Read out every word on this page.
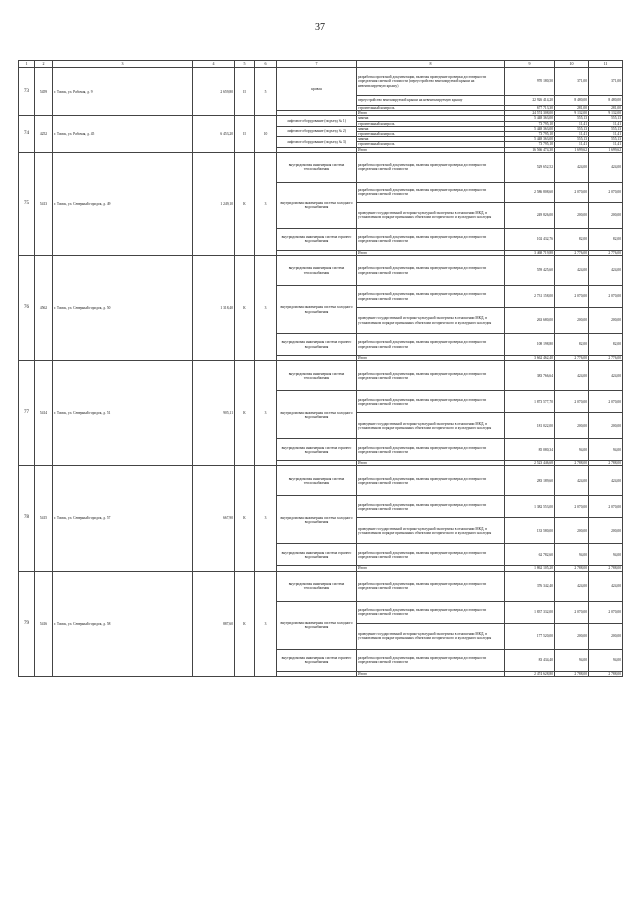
37
1	2	3	4	5	6	7	8	9	10	11
73	5459	г. Томск, ул. Рабочая, д. 9	2 659,80	II	5	кровля	разработка проектной документации, включая проведение проверки достоверности определения сметной стоимости (переустройство вентилируемой крыши на невентилируемую крышу)	970 180,50	371,00	371,00
							переустройство вентилируемой крыши на невентилируемую крышу	22 926 414,20	8 480,00	8 480,00
							строительный контроль	677 713,30	281,00	281,00
							Итого	24 574 308,00	9 132,00	9 132,00
74	4252	г. Томск, ул. Рабочая, д. 45	6 453,20	II	10	лифтовое оборудование (подъезд № 1)	замена	5 448 363,00	555,13	555,13
							строительный контроль	73 795,10	11,41	11,41
						лифтовое оборудование (подъезд № 2)	замена	5 448 363,00	555,13	555,13
							строительный контроль	73 795,10	11,41	11,41
						лифтовое оборудование (подъезд № 3)	замена	5 448 363,00	555,13	555,13
							строительный контроль	73 795,10	11,41	11,41
							Итого	16 566 474,30	1 699,62	1 699,62
75	5413	г. Томск, ул. Северный городок, д. 49	1 249,10	К	3	внутридомовая инженерная система теплоснабжения	разработка проектной документации, включая проведение проверки достоверности определения сметной стоимости	529 652,52	424,00	424,00
						внутридомовая инженерная система холодного водоснабжения	разработка проектной документации, включая проведение проверки достоверности определения сметной стоимости	2 586 808,60	2 070,00	2 070,00
							проведение государственной историко-культурной экспертизы в отношении МКД, в установленном порядке признанных объектами исторического и культурного наследия	249 826,00	200,00	200,00
						внутридомовая инженерная система горячего водоснабжения	разработка проектной документации, включая проведение проверки достоверности определения сметной стоимости	102 432,76	82,00	82,00
							Итого	3 468 719,88	2 776,00	2 776,00
76	4562	г. Томск, ул. Северный городок, д. 50	1 318,40	К	3	внутридомовая инженерная система теплоснабжения	разработка проектной документации, включая проведение проверки достоверности определения сметной стоимости	559 425,60	424,00	424,00
						внутридомовая инженерная система холодного водоснабжения	разработка проектной документации, включая проведение проверки достоверности определения сметной стоимости	2 731 158,00	2 070,00	2 070,00
							проведение государственной историко-культурной экспертизы в отношении МКД, в установленном порядке признанных объектами исторического и культурного наследия	263 680,00	200,00	200,00
						внутридомовая инженерная система горячего водоснабжения	разработка проектной документации, включая проведение проверки достоверности определения сметной стоимости	108 198,80	82,00	82,00
							Итого	3 662 462,40	2 776,00	2 776,00
77	5414	г. Томск, ул. Северный городок, д. 51	905,11	К	3	внутридомовая инженерная система теплоснабжения	разработка проектной документации, включая проведение проверки достоверности определения сметной стоимости	383 766,64	424,00	424,00
						внутридомовая инженерная система холодного водоснабжения	разработка проектной документации, включая проведение проверки достоверности определения сметной стоимости	1 873 577,70	2 070,00	2 070,00
							проведение государственной историко-культурной экспертизы в отношении МКД, в установленном порядке признанных объектами исторического и культурного наследия	181 022,00	200,00	200,00
						внутридомовая инженерная система горячего водоснабжения	разработка проектной документации, включая проведение проверки достоверности определения сметной стоимости	85 080,34	94,00	94,00
							Итого	2 523 446,68	2 788,00	2 788,00
78	5415	г. Томск, ул. Северный городок, д. 57	667,90	К	3	внутридомовая инженерная система теплоснабжения	разработка проектной документации, включая проведение проверки достоверности определения сметной стоимости	283 189,60	424,00	424,00
						внутридомовая инженерная система холодного водоснабжения	разработка проектной документации, включая проведение проверки достоверности определения сметной стоимости	1 382 553,00	2 070,00	2 070,00
							проведение государственной историко-культурной экспертизы в отношении МКД, в установленном порядке признанных объектами исторического и культурного наследия	133 580,00	200,00	200,00
						внутридомовая инженерная система горячего водоснабжения	разработка проектной документации, включая проведение проверки достоверности определения сметной стоимости	62 782,60	94,00	94,00
							Итого	1 862 105,20	2 788,00	2 788,00
79	5416	г. Томск, ул. Северный городок, д. 58	887,60	К	3	внутридомовая инженерная система теплоснабжения	разработка проектной документации, включая проведение проверки достоверности определения сметной стоимости	376 342,40	424,00	424,00
						внутридомовая инженерная система холодного водоснабжения	разработка проектной документации, включая проведение проверки достоверности определения сметной стоимости	1 837 332,00	2 070,00	2 070,00
							проведение государственной историко-культурной экспертизы в отношении МКД, в установленном порядке признанных объектами исторического и культурного наследия	177 520,00	200,00	200,00
						внутридомовая инженерная система горячего водоснабжения	разработка проектной документации, включая проведение проверки достоверности определения сметной стоимости	83 434,40	94,00	94,00
							Итого	2 474 628,80	2 788,00	2 788,00
